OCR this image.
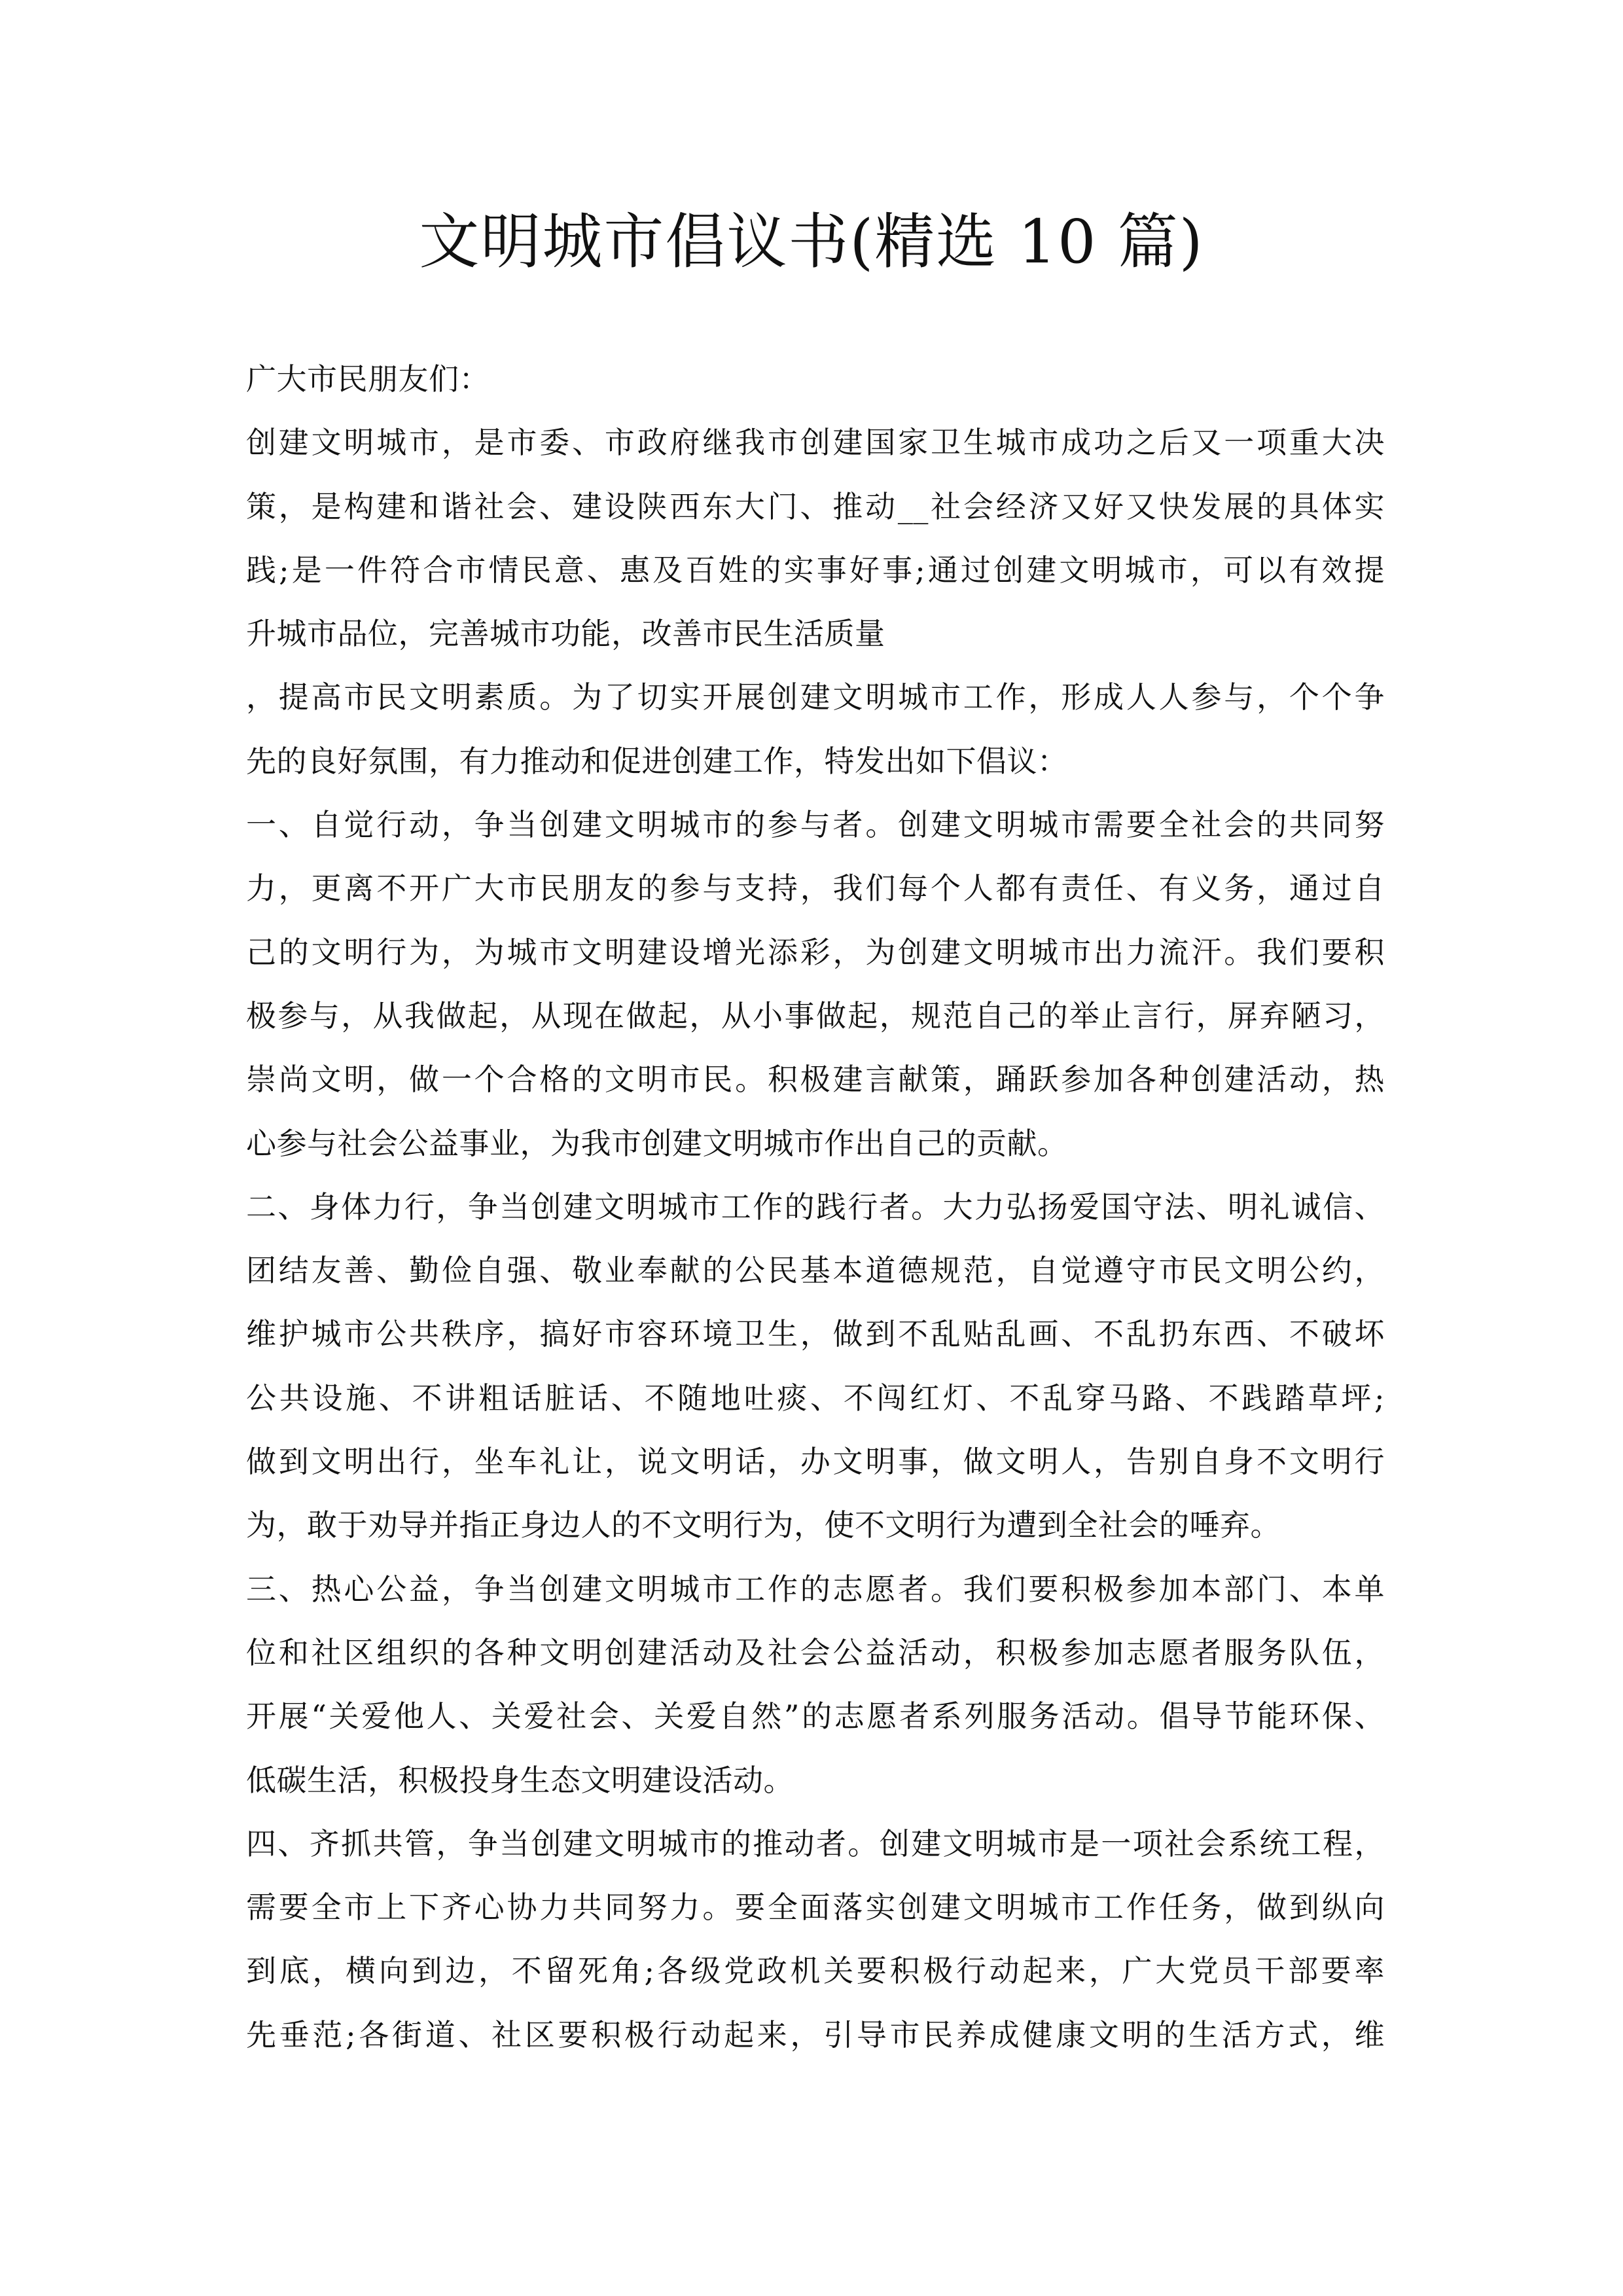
文明城市倡议书(精选 10 篇)
广大市民朋友们：
创建文明城市，是市委、市政府继我市创建国家卫生城市成功之后又一项重大决
策，是构建和谐社会、建设陕西东大门、推动__社会经济又好又快发展的具体实
践;是一件符合市情民意、惠及百姓的实事好事;通过创建文明城市，可以有效提
升城市品位，完善城市功能，改善市民生活质量
，提高市民文明素质。为了切实开展创建文明城市工作，形成人人参与，个个争
先的良好氛围，有力推动和促进创建工作，特发出如下倡议：
一、自觉行动，争当创建文明城市的参与者。创建文明城市需要全社会的共同努
力，更离不开广大市民朋友的参与支持，我们每个人都有责任、有义务，通过自
己的文明行为，为城市文明建设增光添彩，为创建文明城市出力流汗。我们要积
极参与，从我做起，从现在做起，从小事做起，规范自己的举止言行，屏弃陋习，
崇尚文明，做一个合格的文明市民。积极建言献策，踊跃参加各种创建活动，热
心参与社会公益事业，为我市创建文明城市作出自己的贡献。
二、身体力行，争当创建文明城市工作的践行者。大力弘扬爱国守法、明礼诚信、
团结友善、勤俭自强、敬业奉献的公民基本道德规范，自觉遵守市民文明公约，
维护城市公共秩序，搞好市容环境卫生，做到不乱贴乱画、不乱扔东西、不破坏
公共设施、不讲粗话脏话、不随地吐痰、不闯红灯、不乱穿马路、不践踏草坪;
做到文明出行，坐车礼让，说文明话，办文明事，做文明人，告别自身不文明行
为，敢于劝导并指正身边人的不文明行为，使不文明行为遭到全社会的唾弃。
三、热心公益，争当创建文明城市工作的志愿者。我们要积极参加本部门、本单
位和社区组织的各种文明创建活动及社会公益活动，积极参加志愿者服务队伍，
开展“关爱他人、关爱社会、关爱自然”的志愿者系列服务活动。倡导节能环保、
低碳生活，积极投身生态文明建设活动。
四、齐抓共管，争当创建文明城市的推动者。创建文明城市是一项社会系统工程，
需要全市上下齐心协力共同努力。要全面落实创建文明城市工作任务，做到纵向
到底，横向到边，不留死角;各级党政机关要积极行动起来，广大党员干部要率
先垂范;各街道、社区要积极行动起来，引导市民养成健康文明的生活方式，维
